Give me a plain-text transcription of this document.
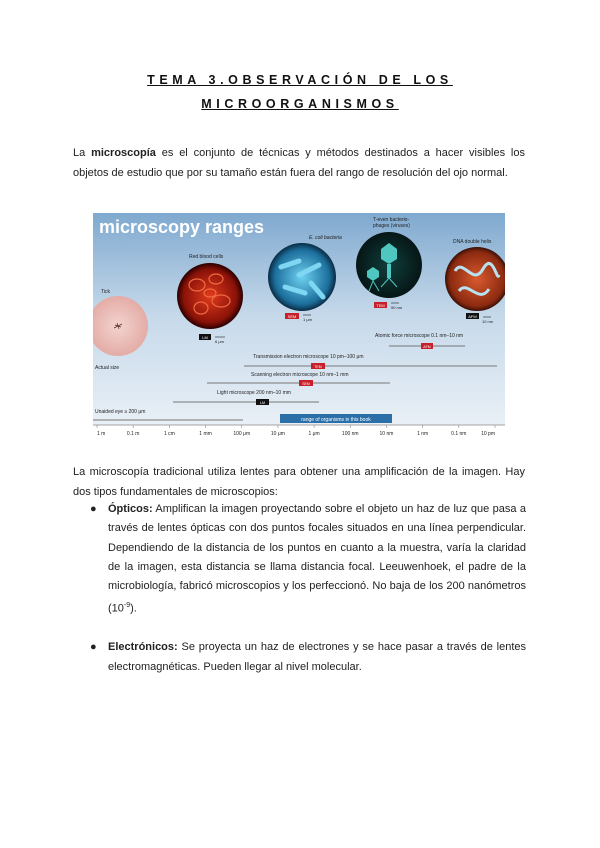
TEMA 3.OBSERVACIÓN DE LOS
MICROORGANISMOS

La microscopía es el conjunto de técnicas y métodos destinados a hacer visibles los objetos de estudio que por su tamaño están fuera del rango de resolución del ojo normal.

microscopy ranges
Tick
Actual size
Red blood cells
LM
6 μm
E. coli bacteria
SEM
1 μm
T-even bacterio-
phages (viruses)
TEM 50 nm
DNA double helix
AFM
10 nm
Atomic force microscope 0.1 nm–10 nm
AFM
Transmission electron microscope 10 pm–100 μm
TEM
Scanning electron microscope 10 nm–1 mm
SEM
Light microscope 200 nm–10 mm
LM
Unaided eye ≥ 200 μm
range of organisms in this book
1 m	0.1 m	1 cm	1 mm	100 μm	10 μm	1 μm	100 nm	10 nm	1 nm	0.1 nm	10 pm

La microscopía tradicional utiliza lentes para obtener una amplificación de la imagen. Hay dos tipos fundamentales de microscopios:

● Ópticos: Amplifican la imagen proyectando sobre el objeto un haz de luz que pasa a través de lentes ópticas con dos puntos focales situados en una línea perpendicular. Dependiendo de la distancia de los puntos en cuanto a la muestra, varía la claridad de la imagen, esta distancia se llama distancia focal. Leeuwenhoek, el padre de la microbiología, fabricó microscopios y los perfeccionó. No baja de los 200 nanómetros $(10^{-9})$.
● Electrónicos: Se proyecta un haz de electrones y se hace pasar a través de lentes electromagnéticas. Pueden llegar al nivel molecular.
